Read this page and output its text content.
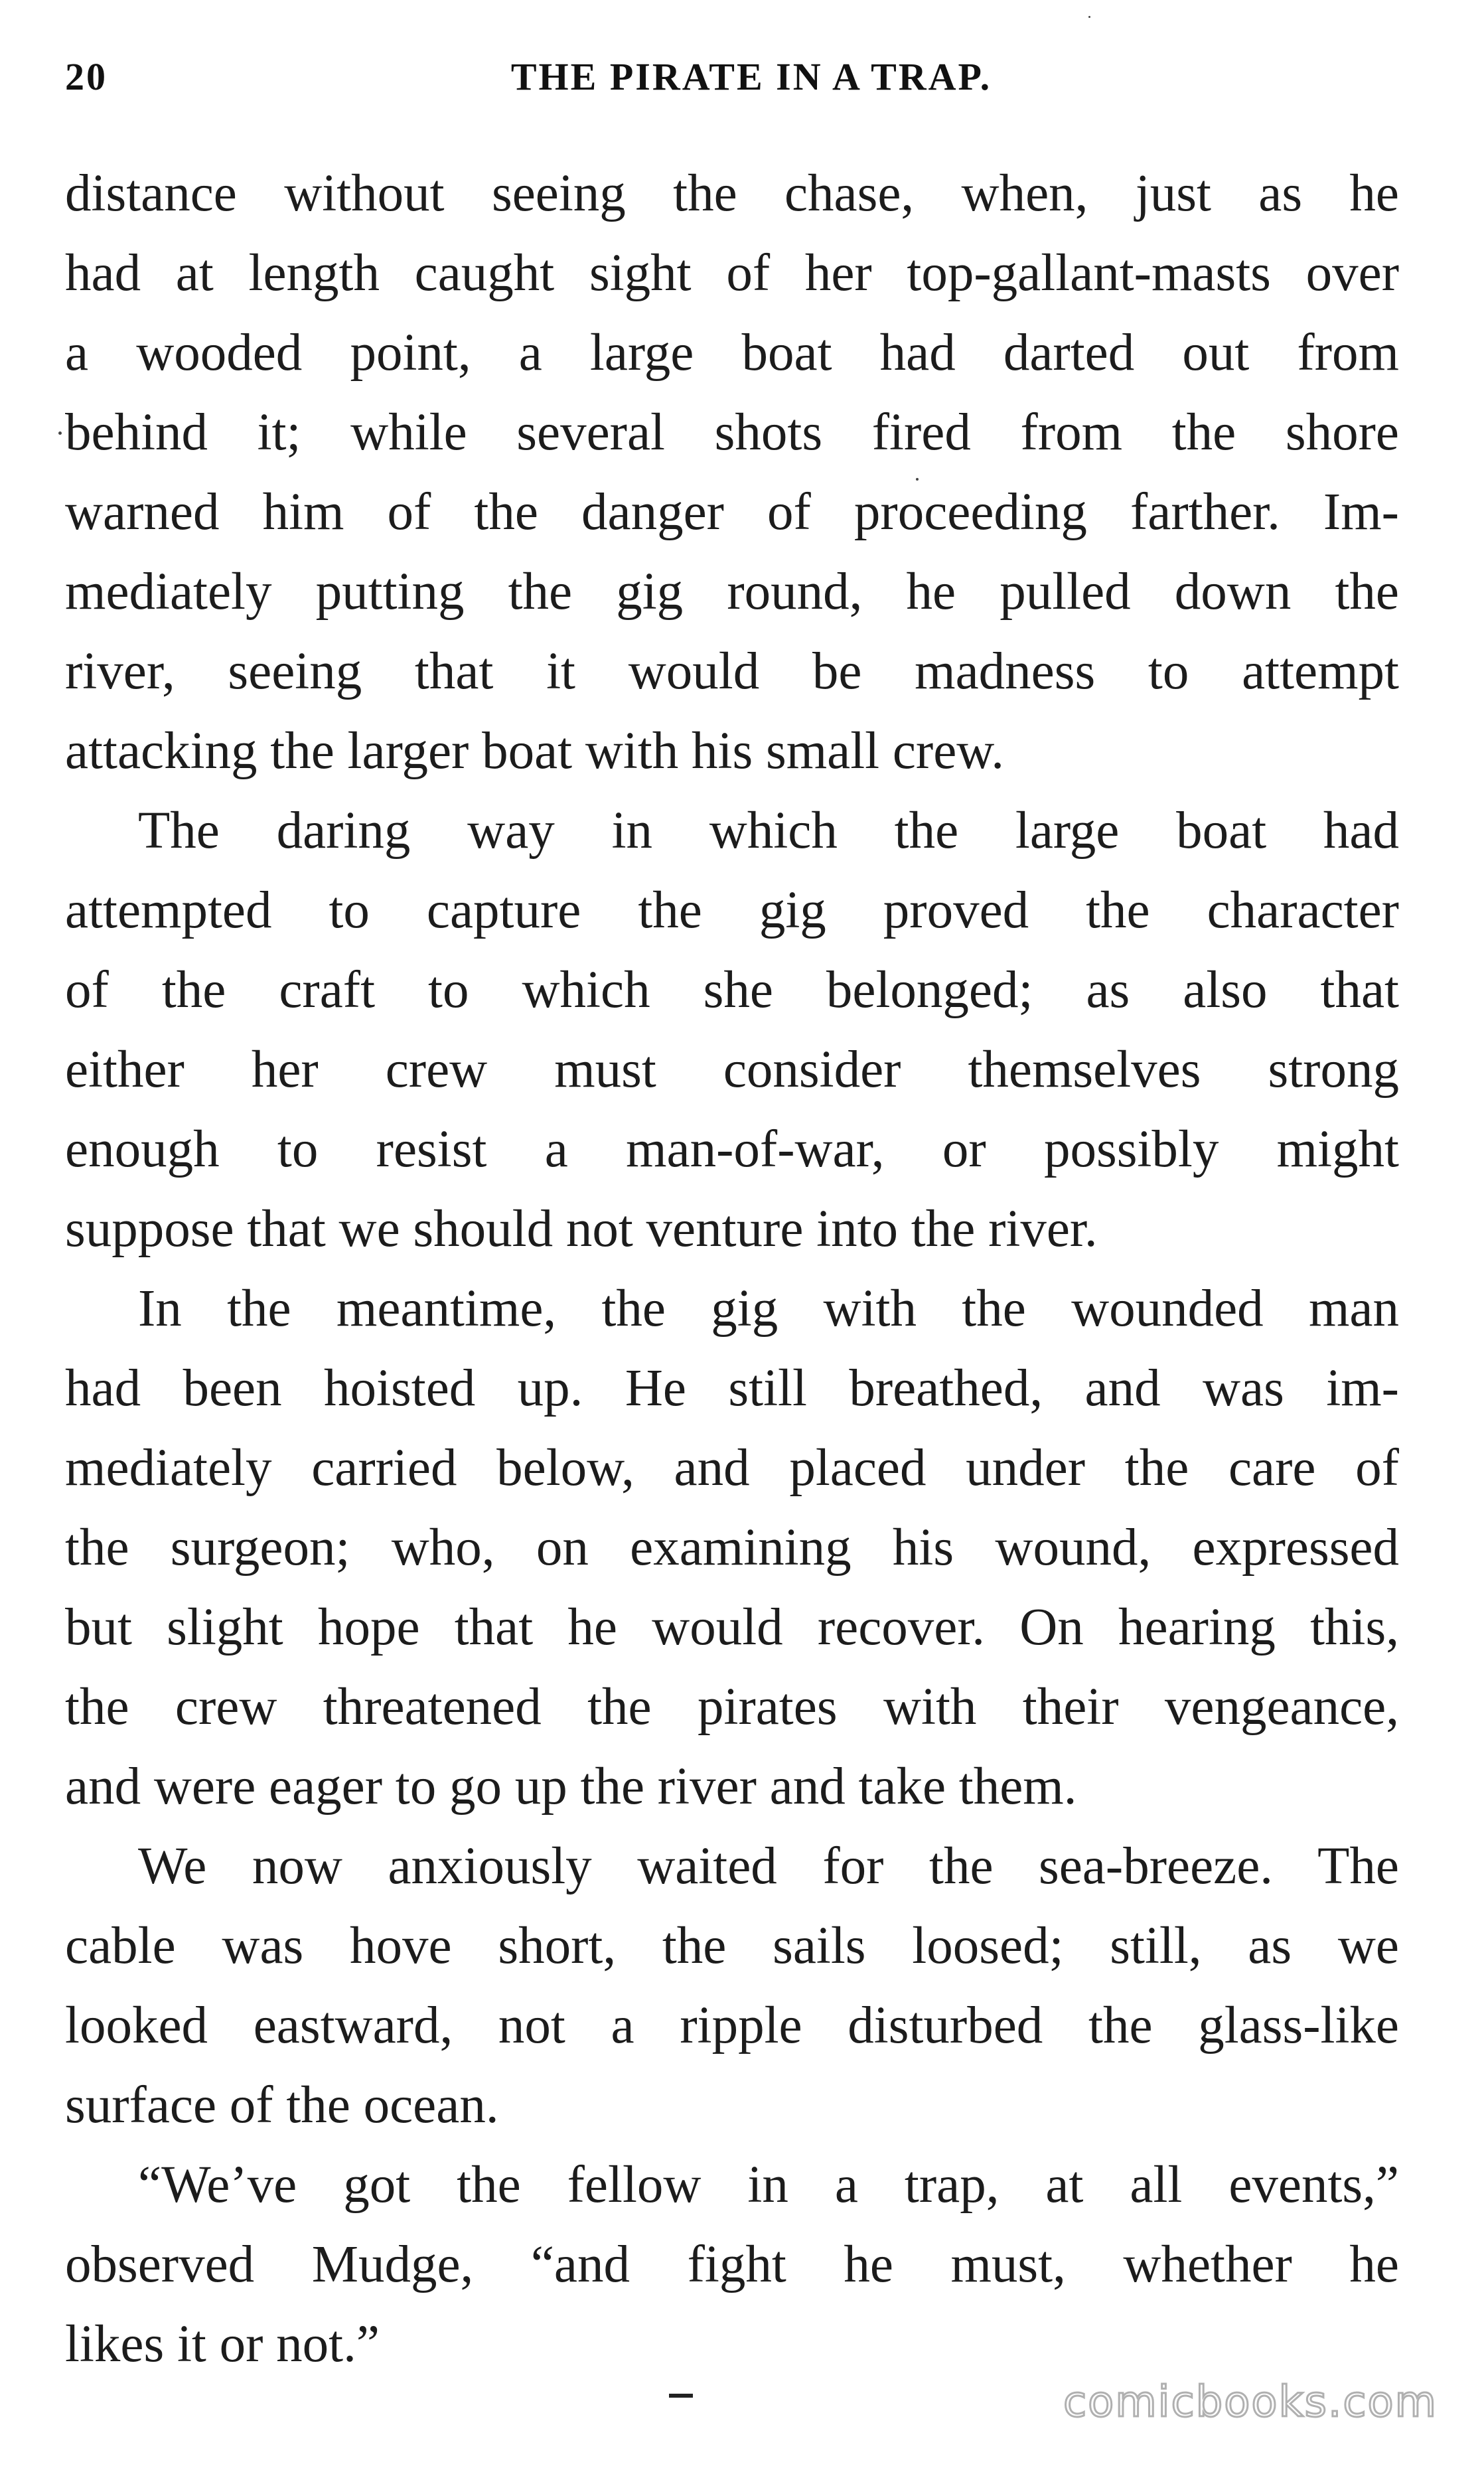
20	THE PIRATE IN A TRAP.
distance without seeing the chase, when, just as he
had at length caught sight of her top-gallant-masts over
a wooded point, a large boat had darted out from
behind it; while several shots fired from the shore
warned him of the danger of proceeding farther. Im-
mediately putting the gig round, he pulled down the
river, seeing that it would be madness to attempt
attacking the larger boat with his small crew.
The daring way in which the large boat had
attempted to capture the gig proved the character
of the craft to which she belonged; as also that
either her crew must consider themselves strong
enough to resist a man-of-war, or possibly might
suppose that we should not venture into the river.
In the meantime, the gig with the wounded man
had been hoisted up. He still breathed, and was im-
mediately carried below, and placed under the care of
the surgeon; who, on examining his wound, expressed
but slight hope that he would recover. On hearing this,
the crew threatened the pirates with their vengeance,
and were eager to go up the river and take them.
We now anxiously waited for the sea-breeze. The
cable was hove short, the sails loosed; still, as we
looked eastward, not a ripple disturbed the glass-like
surface of the ocean.
“We’ve got the fellow in a trap, at all events,”
observed Mudge, “and fight he must, whether he
likes it or not.”
comicbooks.com
